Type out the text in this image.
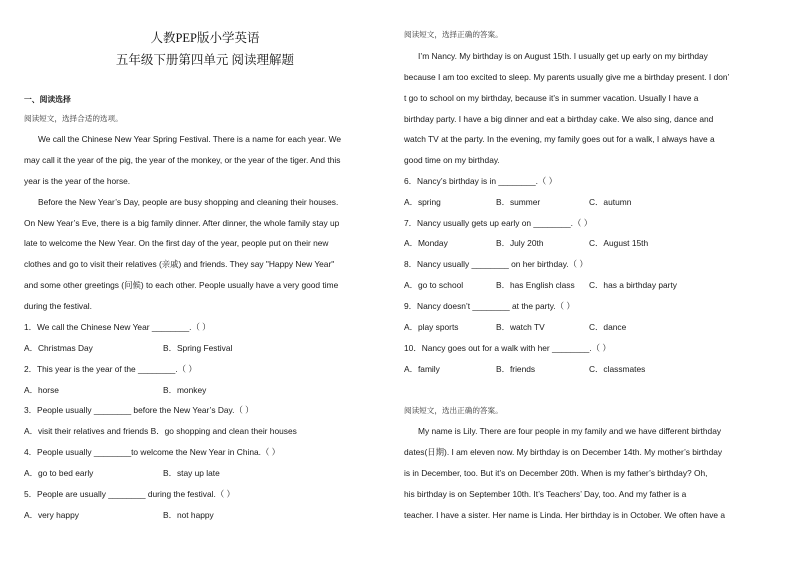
人教PEP版小学英语
五年级下册第四单元 阅读理解题
一、阅读选择
阅读短文，选择合适的选项。
We call the Chinese New Year Spring Festival. There is a name for each year. We
may call it the year of the pig, the year of the monkey, or the year of the tiger. And this
year is the year of the horse.
Before the New Year’s Day, people are busy shopping and cleaning their houses.
On New Year’s Eve, there is a big family dinner. After dinner, the whole family stay up
late to welcome the New Year. On the first day of the year, people put on their new
clothes and go to visit their relatives (亲戚) and friends. They say "Happy New Year"
and some other greetings (问候) to each other. People usually have a very good time
during the festival.
1．We call the Chinese New Year ________.（ ）
A．Christmas Day	B．Spring Festival
2．This year is the year of the ________.（ ）
A．horse	B．monkey
3．People usually ________ before the New Year’s Day.（ ）
A．visit their relatives and friends B．go shopping and clean their houses
4．People usually ________to welcome the New Year in China.（ ）
A．go to bed early	B．stay up late
5．People are usually ________ during the festival.（ ）
A．very happy	B．not happy
阅读短文，选择正确的答案。
I’m Nancy. My birthday is on August 15th. I usually get up early on my birthday
because I am too excited to sleep. My parents usually give me a birthday present. I don’
t go to school on my birthday, because it’s in summer vacation. Usually I have a
birthday party. I have a big dinner and eat a birthday cake. We also sing, dance and
watch TV at the party. In the evening, my family goes out for a walk, I always have a
good time on my birthday.
6．Nancy’s birthday is in ________.（ ）
A．spring	B．summer	C．autumn
7．Nancy usually gets up early on ________.（ ）
A．Monday	B．July 20th	C．August 15th
8．Nancy usually ________ on her birthday.（ ）
A．go to school	B．has English class C．has a birthday party
9．Nancy doesn’t ________ at the party.（ ）
A．play sports	B．watch TV	C．dance
10．Nancy goes out for a walk with her ________.（ ）
A．family	B．friends	C．classmates
阅读短文，选出正确的答案。
My name is Lily. There are four people in my family and we have different birthday
dates(日期). I am eleven now. My birthday is on December 14th. My mother’s birthday
is in December, too. But it’s on December 20th. When is my father’s birthday? Oh,
his birthday is on September 10th. It’s Teachers’ Day, too. And my father is a
teacher. I have a sister. Her name is Linda. Her birthday is in October. We often have a
